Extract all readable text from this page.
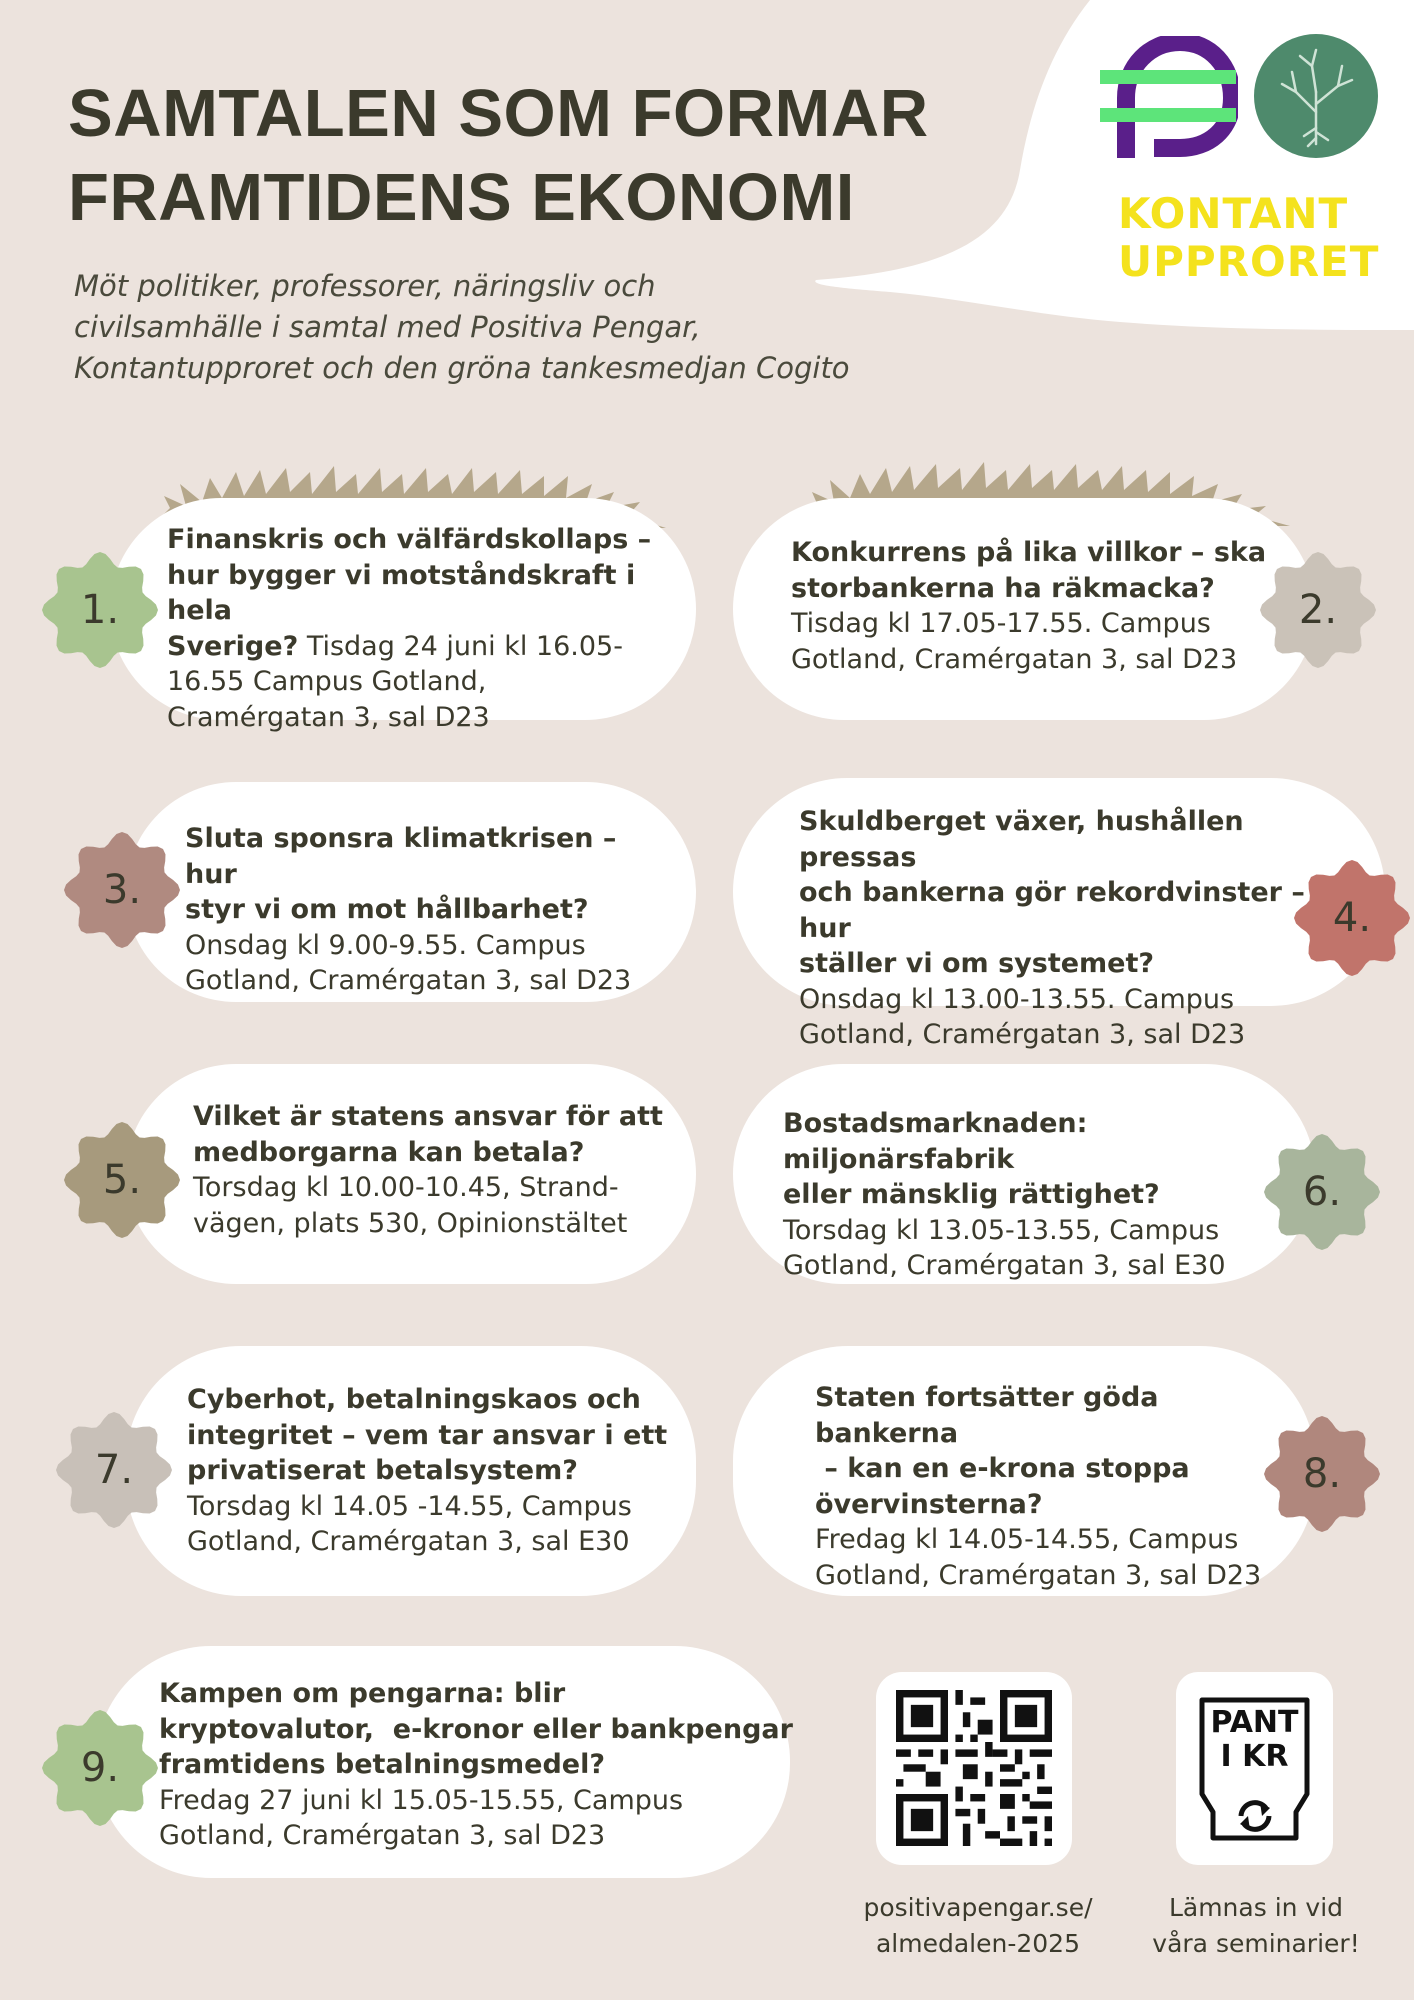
SAMTALEN SOM FORMAR
FRAMTIDENS EKONOMI
Möt politiker, professorer, näringsliv och
civilsamhälle i samtal med Positiva Pengar,
Kontantupproret och den gröna tankesmedjan Cogito
KONTANT
UPPRORET
Finanskris och välfärdskollaps –
hur bygger vi motståndskraft i hela
Sverige? Tisdag 24 juni kl 16.05-
16.55 Campus Gotland,
Cramérgatan 3, sal D23
Konkurrens på lika villkor – ska
storbankerna ha räkmacka?
Tisdag kl 17.05-17.55. Campus
Gotland, Cramérgatan 3, sal D23
Sluta sponsra klimatkrisen – hur
styr vi om mot hållbarhet?
Onsdag kl 9.00-9.55. Campus
Gotland, Cramérgatan 3, sal D23
Skuldberget växer, hushållen pressas
och bankerna gör rekordvinster – hur
ställer vi om systemet?
Onsdag kl 13.00-13.55. Campus
Gotland, Cramérgatan 3, sal D23
Vilket är statens ansvar för att
medborgarna kan betala?
Torsdag kl 10.00-10.45, Strand-
vägen, plats 530, Opinionstältet
Bostadsmarknaden: miljonärsfabrik
eller mänsklig rättighet?
Torsdag kl 13.05-13.55, Campus
Gotland, Cramérgatan 3, sal E30
Cyberhot, betalningskaos och
integritet – vem tar ansvar i ett
privatiserat betalsystem?
Torsdag kl 14.05 -14.55, Campus
Gotland, Cramérgatan 3, sal E30
Staten fortsätter göda bankerna
– kan en e-krona stoppa
övervinsterna?
Fredag kl 14.05-14.55, Campus
Gotland, Cramérgatan 3, sal D23
Kampen om pengarna: blir
kryptovalutor,  e-kronor eller bankpengar
framtidens betalningsmedel?
Fredag 27 juni kl 15.05-15.55, Campus
Gotland, Cramérgatan 3, sal D23
1.	2.
3.
4.
5.	6.
7.	8.
9.
positivapengar.se/
almedalen-2025
PANT
I KR
Lämnas in vid
våra seminarier!
